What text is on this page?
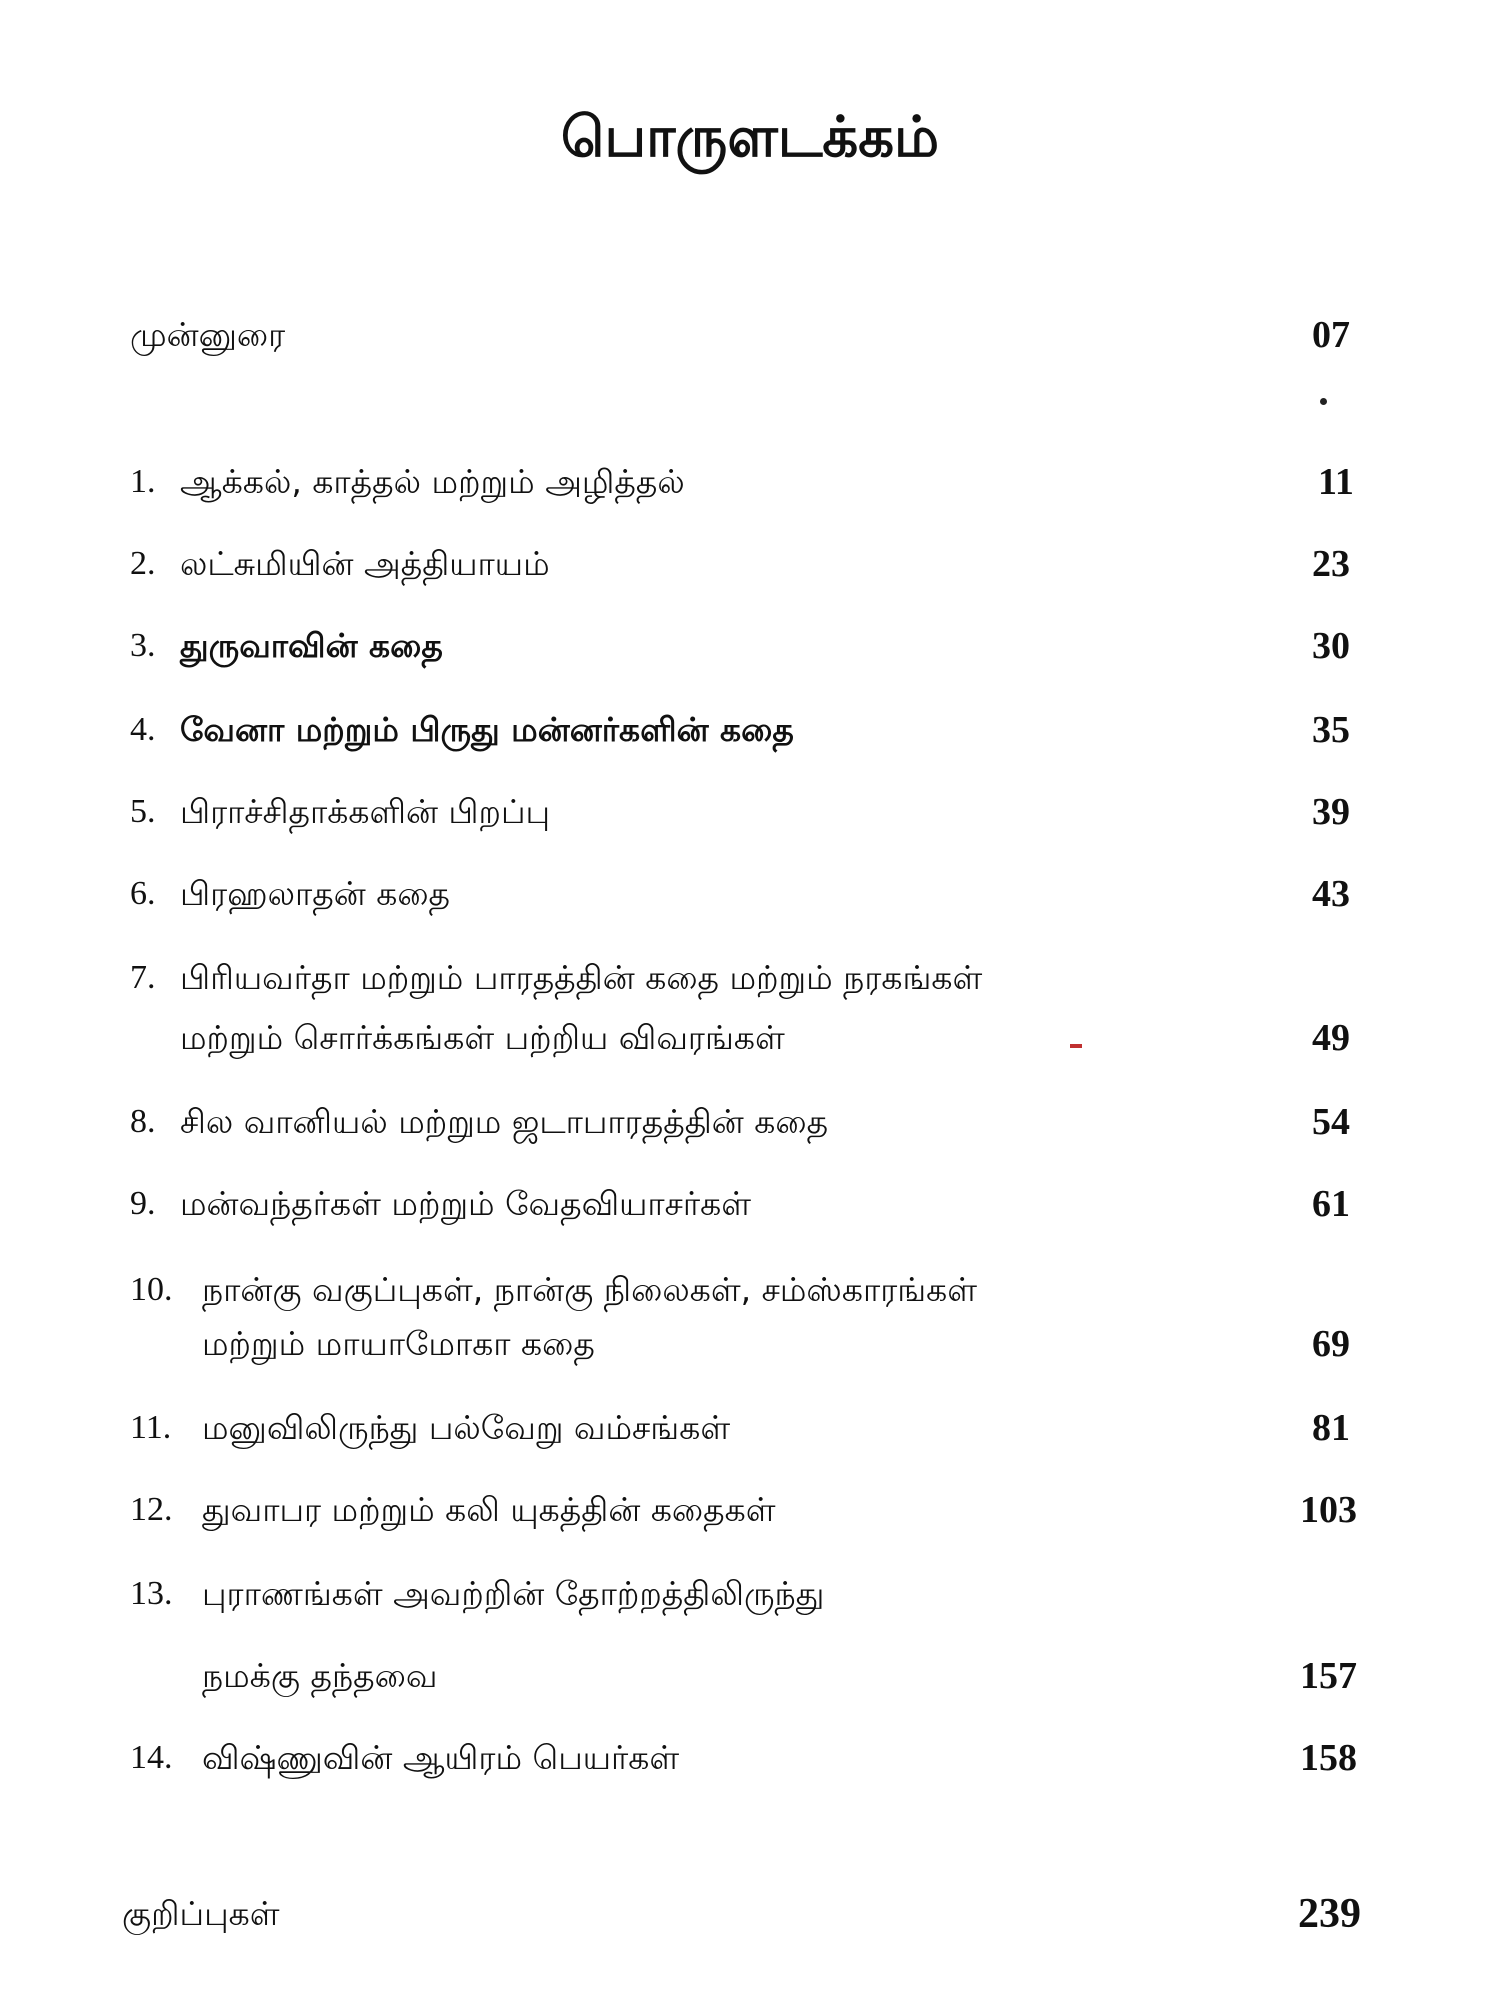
பொருளடக்கம்
முன்னுரை	07
1. ஆக்கல், காத்தல் மற்றும் அழித்தல்	11
2. லட்சுமியின் அத்தியாயம்	23
3. துருவாவின் கதை	30
4. வேனா மற்றும் பிருது மன்னர்களின் கதை	35
5. பிராச்சிதாக்களின் பிறப்பு	39
6. பிரஹலாதன் கதை	43
7. பிரியவர்தா மற்றும் பாரதத்தின் கதை மற்றும் நரகங்கள்
மற்றும் சொர்க்கங்கள் பற்றிய விவரங்கள்	49
8. சில வானியல் மற்றும ஜடாபாரதத்தின் கதை	54
9. மன்வந்தர்கள் மற்றும் வேதவியாசர்கள்	61
10. நான்கு வகுப்புகள், நான்கு நிலைகள், சம்ஸ்காரங்கள்
மற்றும் மாயாமோகா கதை	69
11. மனுவிலிருந்து பல்வேறு வம்சங்கள்	81
12. துவாபர மற்றும் கலி யுகத்தின் கதைகள்	103
13. புராணங்கள் அவற்றின் தோற்றத்திலிருந்து
நமக்கு தந்தவை	157
14. விஷ்ணுவின் ஆயிரம் பெயர்கள்	158
குறிப்புகள்	239
